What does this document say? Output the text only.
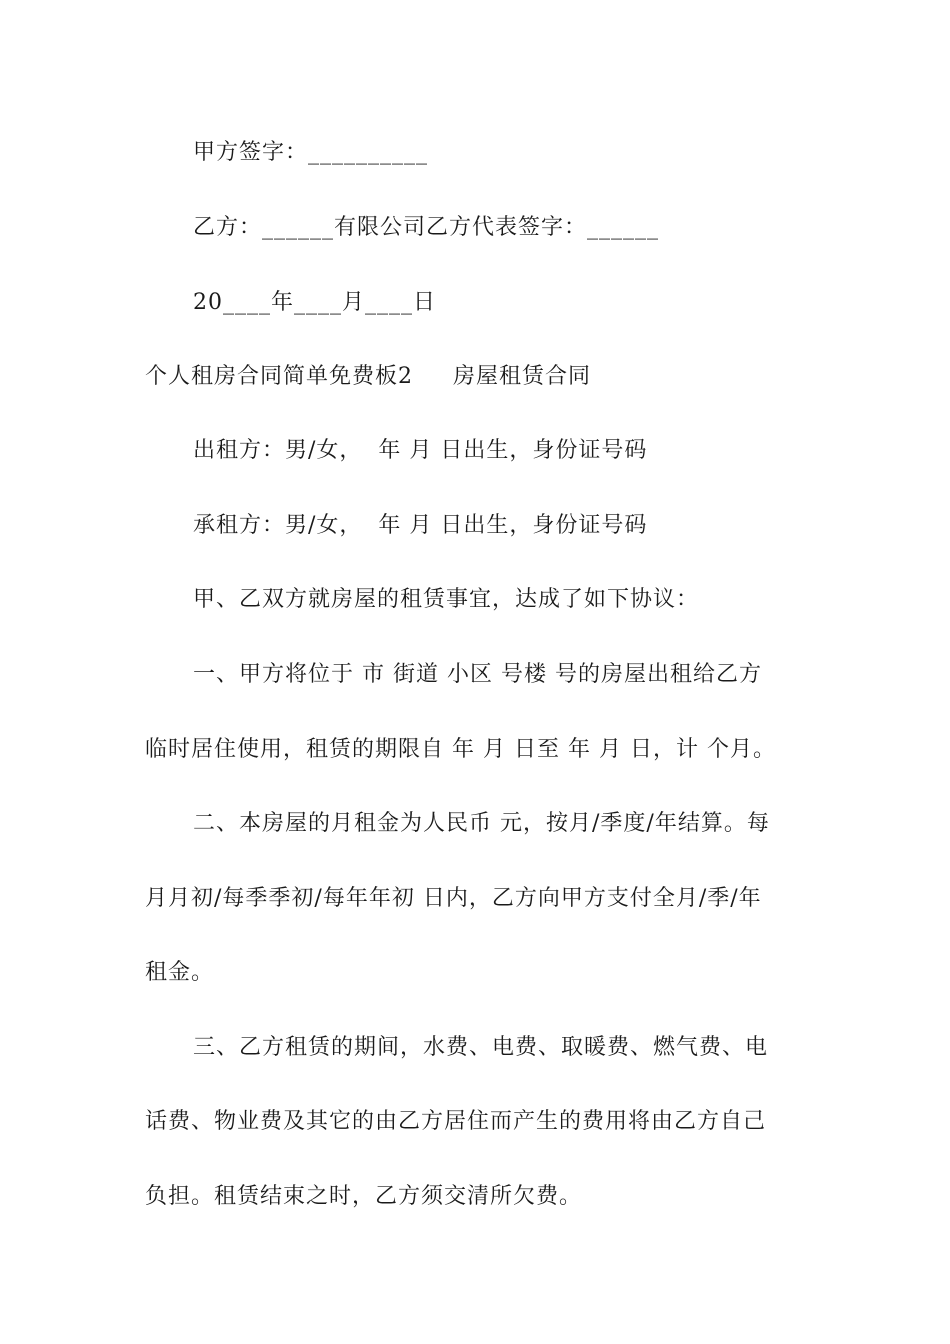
甲方签字：__________
乙方：______有限公司乙方代表签字：______
20____年____月____日
个人租房合同简单免费板2     房屋租赁合同
出租方：男/女，  年 月 日出生，身份证号码
承租方：男/女，  年 月 日出生，身份证号码
甲、乙双方就房屋的租赁事宜，达成了如下协议：
一、甲方将位于 市 街道 小区 号楼 号的房屋出租给乙方
临时居住使用，租赁的期限自 年 月 日至 年 月 日，计 个月。
二、本房屋的月租金为人民币 元，按月/季度/年结算。每
月月初/每季季初/每年年初 日内，乙方向甲方支付全月/季/年
租金。
三、乙方租赁的期间，水费、电费、取暖费、燃气费、电
话费、物业费及其它的由乙方居住而产生的费用将由乙方自己
负担。租赁结束之时，乙方须交清所欠费。
